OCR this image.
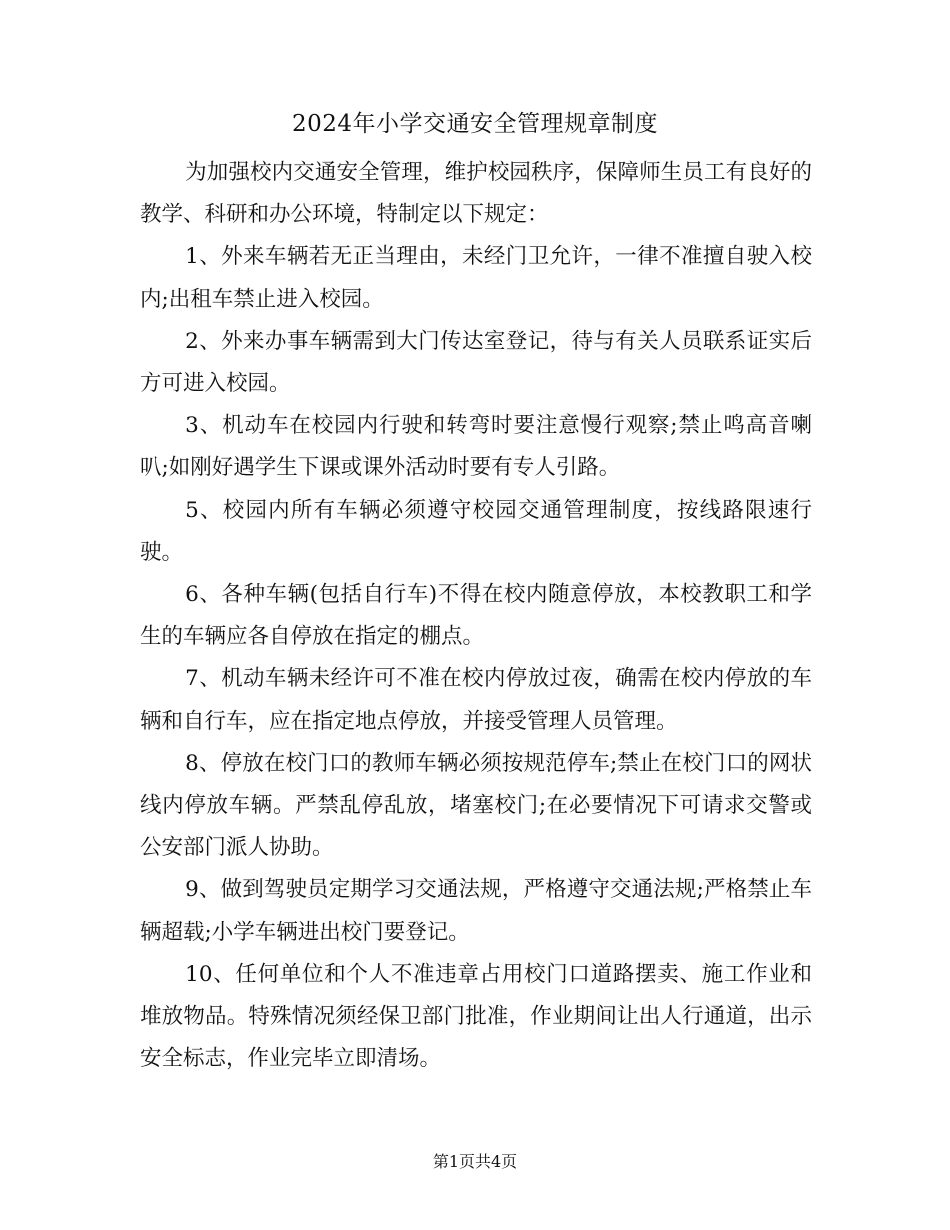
2024年小学交通安全管理规章制度

为加强校内交通安全管理，维护校园秩序，保障师生员工有良好的教学、科研和办公环境，特制定以下规定：

1、外来车辆若无正当理由，未经门卫允许，一律不准擅自驶入校内;出租车禁止进入校园。

2、外来办事车辆需到大门传达室登记，待与有关人员联系证实后方可进入校园。

3、机动车在校园内行驶和转弯时要注意慢行观察;禁止鸣高音喇叭;如刚好遇学生下课或课外活动时要有专人引路。

5、校园内所有车辆必须遵守校园交通管理制度，按线路限速行驶。

6、各种车辆(包括自行车)不得在校内随意停放，本校教职工和学生的车辆应各自停放在指定的棚点。

7、机动车辆未经许可不准在校内停放过夜，确需在校内停放的车辆和自行车，应在指定地点停放，并接受管理人员管理。

8、停放在校门口的教师车辆必须按规范停车;禁止在校门口的网状线内停放车辆。严禁乱停乱放，堵塞校门;在必要情况下可请求交警或公安部门派人协助。

9、做到驾驶员定期学习交通法规，严格遵守交通法规;严格禁止车辆超载;小学车辆进出校门要登记。

10、任何单位和个人不准违章占用校门口道路摆卖、施工作业和堆放物品。特殊情况须经保卫部门批准，作业期间让出人行通道，出示安全标志，作业完毕立即清场。

第1页共4页
